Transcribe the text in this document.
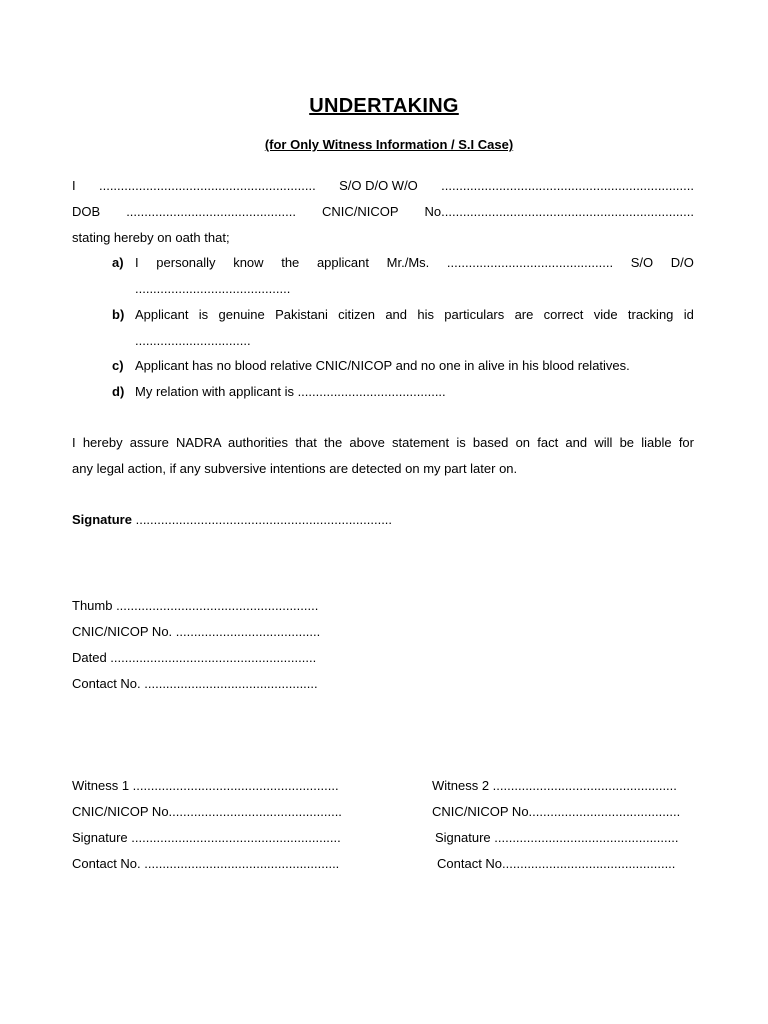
UNDERTAKING
(for Only Witness Information / S.I Case)
I ............................................................ S/O D/O W/O ......................................................................
DOB ............................................... CNIC/NICOP No......................................................................
stating hereby on oath that;
a) I personally know the applicant Mr./Ms. .............................................. S/O D/O
...........................................
b) Applicant is genuine Pakistani citizen and his particulars are correct vide tracking id
................................
c) Applicant has no blood relative CNIC/NICOP and no one in alive in his blood relatives.
d) My relation with applicant is .........................................
I hereby assure NADRA authorities that the above statement is based on fact and will be liable for
any legal action, if any subversive intentions are detected on my part later on.
Signature .......................................................................
Thumb ........................................................
CNIC/NICOP No. ........................................
Dated .........................................................
Contact No. ................................................
Witness 1 .........................................................
CNIC/NICOP No................................................
Signature ..........................................................
Contact No. ......................................................
Witness 2 ...................................................
CNIC/NICOP No..........................................
Signature ...................................................
Contact No................................................
